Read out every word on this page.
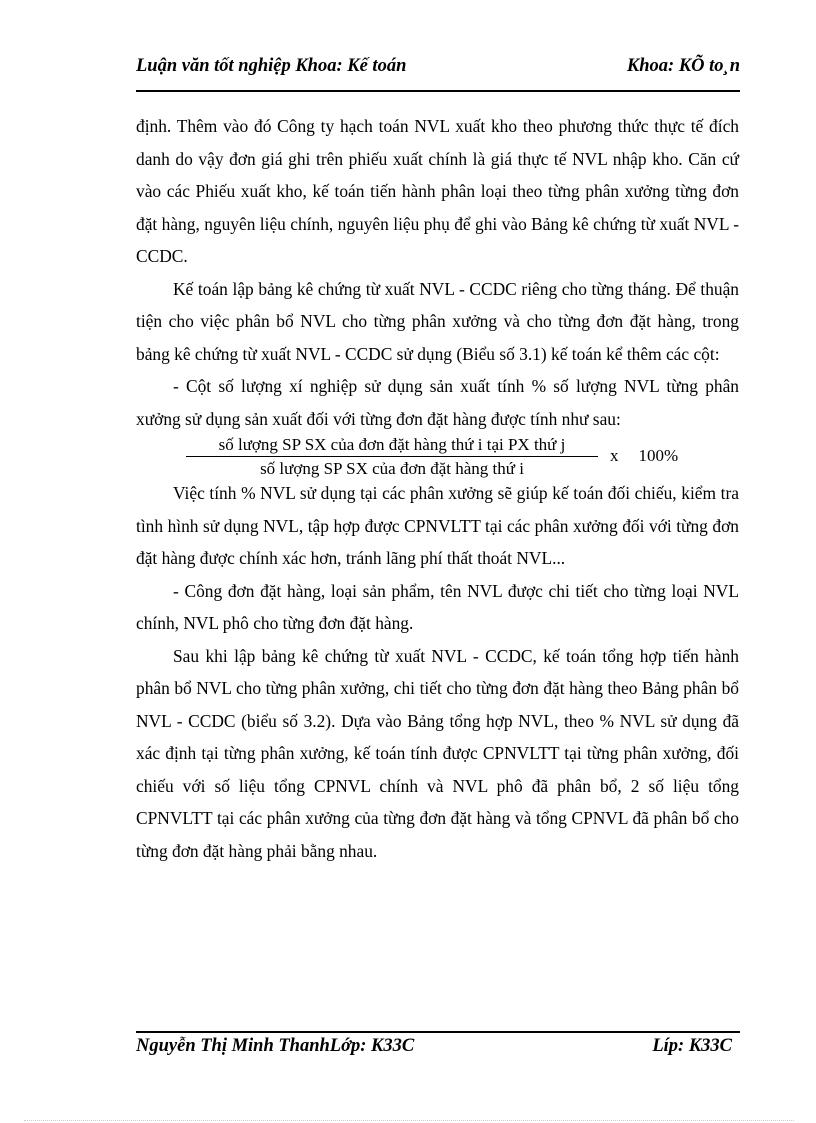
Luận văn tốt nghiệp Khoa: Kế toán	Khoa: KÕ to¸n

định. Thêm vào đó Công ty hạch toán NVL xuất kho theo phương thức thực tế đích danh do vậy đơn giá ghi trên phiếu xuất chính là giá thực tế NVL nhập kho. Căn cứ vào các Phiếu xuất kho, kế toán tiến hành phân loại theo từng phân xưởng từng đơn đặt hàng, nguyên liệu chính, nguyên liệu phụ để ghi vào Bảng kê chứng từ xuất NVL - CCDC.

Kế toán lập bảng kê chứng từ xuất NVL - CCDC riêng cho từng tháng. Để thuận tiện cho việc phân bổ NVL cho từng phân xưởng và cho từng đơn đặt hàng, trong bảng kê chứng từ xuất NVL - CCDC sử dụng (Biểu số 3.1) kế toán kể thêm các cột:

- Cột số lượng xí nghiệp sử dụng sản xuất tính % số lượng NVL từng phân xưởng sử dụng sản xuất đối với từng đơn đặt hàng được tính như sau:

$\frac{\text{số lượng SP SX của đơn đặt hàng thứ i tại PX thứ j}}{\text{số lượng SP SX của đơn đặt hàng thứ i}}$ x 100%

Việc tính % NVL sử dụng tại các phân xưởng sẽ giúp kế toán đối chiếu, kiểm tra tình hình sử dụng NVL, tập hợp được CPNVLTT tại các phân xưởng đối với từng đơn đặt hàng được chính xác hơn, tránh lãng phí thất thoát NVL...

- Công đơn đặt hàng, loại sản phẩm, tên NVL được chi tiết cho từng loại NVL chính, NVL phô cho từng đơn đặt hàng.

Sau khi lập bảng kê chứng từ xuất NVL - CCDC, kế toán tổng hợp tiến hành phân bổ NVL cho từng phân xưởng, chi tiết cho từng đơn đặt hàng theo Bảng phân bổ NVL - CCDC (biểu số 3.2). Dựa vào Bảng tổng hợp NVL, theo % NVL sử dụng đã xác định tại từng phân xưởng, kế toán tính được CPNVLTT tại từng phân xưởng, đối chiếu với số liệu tổng CPNVL chính và NVL phô đã phân bổ, 2 số liệu tổng CPNVLTT tại các phân xưởng của từng đơn đặt hàng và tổng CPNVL đã phân bổ cho từng đơn đặt hàng phải bằng nhau.

Nguyễn Thị Minh ThanhLớp: K33C	Líp: K33C
